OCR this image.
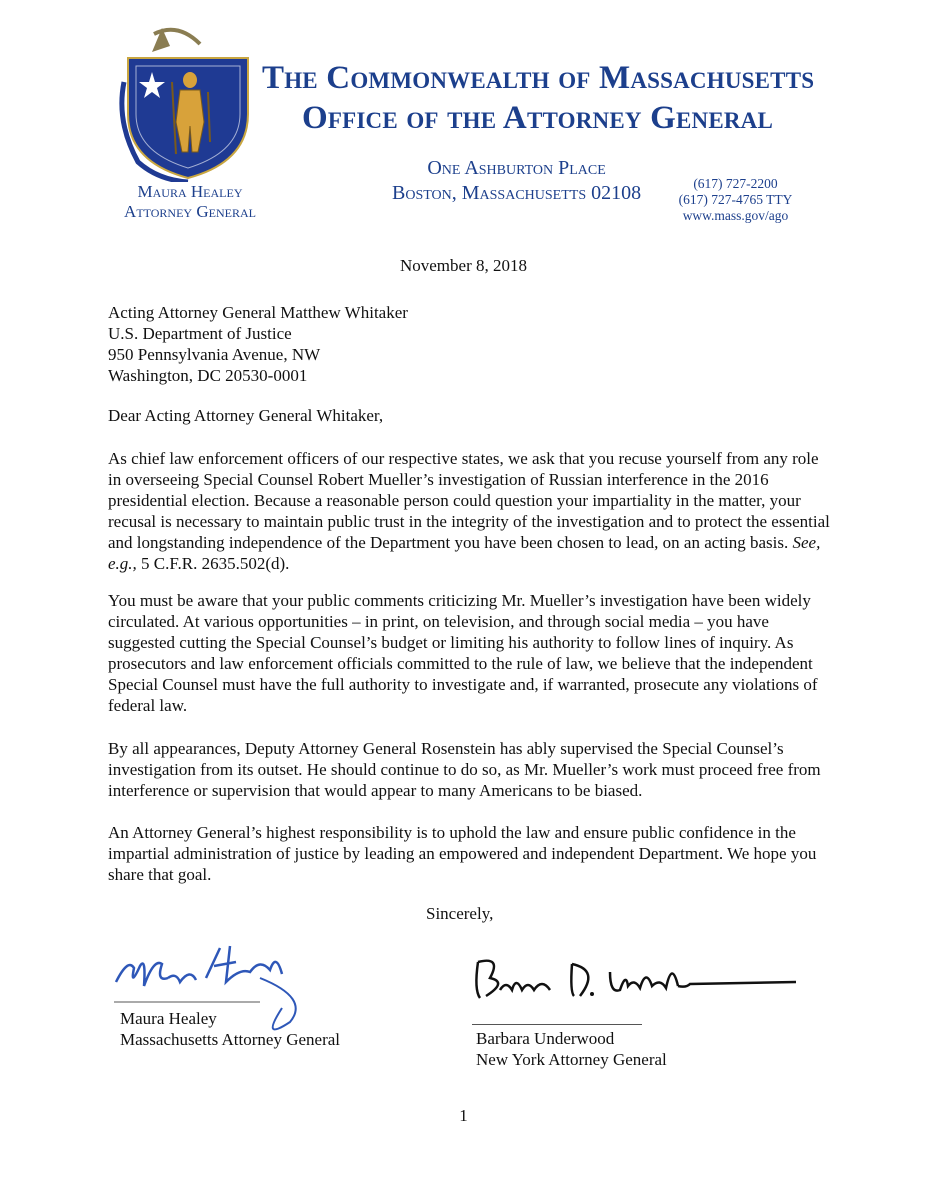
Maura Healey
Attorney General
The Commonwealth of Massachusetts
Office of the Attorney General
One Ashburton Place
Boston, Massachusetts 02108	(617) 727-2200
(617) 727-4765 TTY
www.mass.gov/ago
November 8, 2018
Acting Attorney General Matthew Whitaker
U.S. Department of Justice
950 Pennsylvania Avenue, NW
Washington, DC 20530-0001
Dear Acting Attorney General Whitaker,

As chief law enforcement officers of our respective states, we ask that you recuse yourself from any role in overseeing Special Counsel Robert Mueller’s investigation of Russian interference in the 2016 presidential election. Because a reasonable person could question your impartiality in the matter, your recusal is necessary to maintain public trust in the integrity of the investigation and to protect the essential and longstanding independence of the Department you have been chosen to lead, on an acting basis. See, e.g., 5 C.F.R. 2635.502(d).

You must be aware that your public comments criticizing Mr. Mueller’s investigation have been widely circulated. At various opportunities – in print, on television, and through social media – you have suggested cutting the Special Counsel’s budget or limiting his authority to follow lines of inquiry. As prosecutors and law enforcement officials committed to the rule of law, we believe that the independent Special Counsel must have the full authority to investigate and, if warranted, prosecute any violations of federal law.

By all appearances, Deputy Attorney General Rosenstein has ably supervised the Special Counsel’s investigation from its outset. He should continue to do so, as Mr. Mueller’s work must proceed free from interference or supervision that would appear to many Americans to be biased.

An Attorney General’s highest responsibility is to uphold the law and ensure public confidence in the impartial administration of justice by leading an empowered and independent Department. We hope you share that goal.

Sincerely,
Maura Healey
Massachusetts Attorney General	Barbara Underwood
New York Attorney General
1
